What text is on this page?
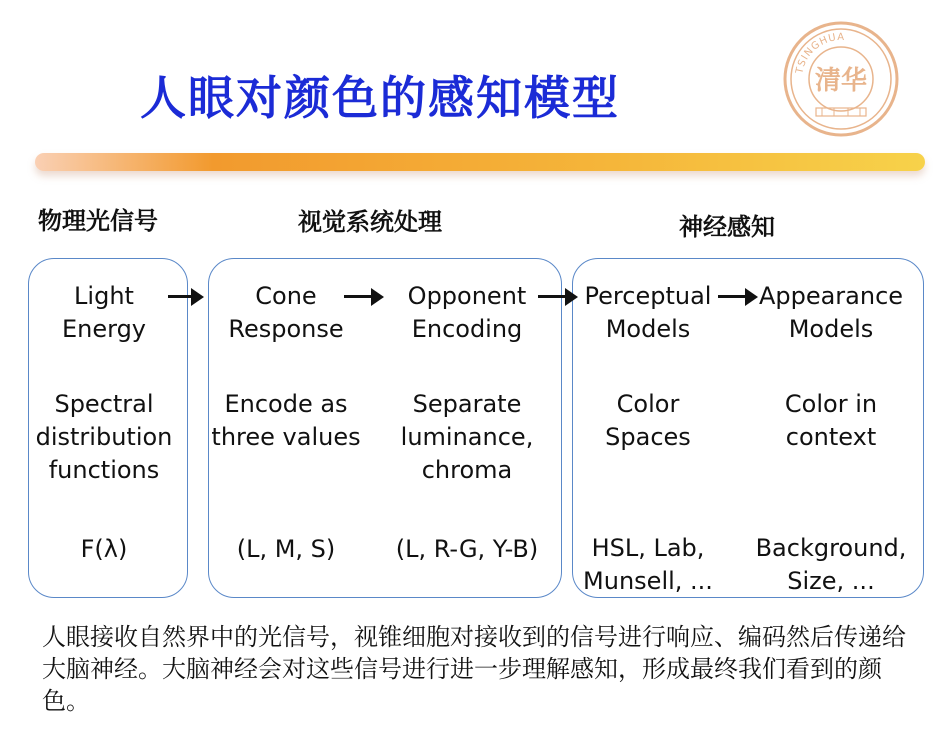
人眼对颜色的感知模型
TSINGHUA
清华
物理光信号	视觉系统处理	神经感知
Light
Energy
Spectral
distribution
functions
F(λ)
Cone
Response
Encode as
three values
(L, M, S)
Opponent
Encoding
Separate
luminance,
chroma
(L, R-G, Y-B)
Perceptual
Models
Color
Spaces
HSL, Lab,
Munsell, ...
Appearance
Models
Color in
context
Background,
Size, ...
人眼接收自然界中的光信号，视锥细胞对接收到的信号进行响应、编码然后传递给大脑神经。大脑神经会对这些信号进行进一步理解感知，形成最终我们看到的颜色。
